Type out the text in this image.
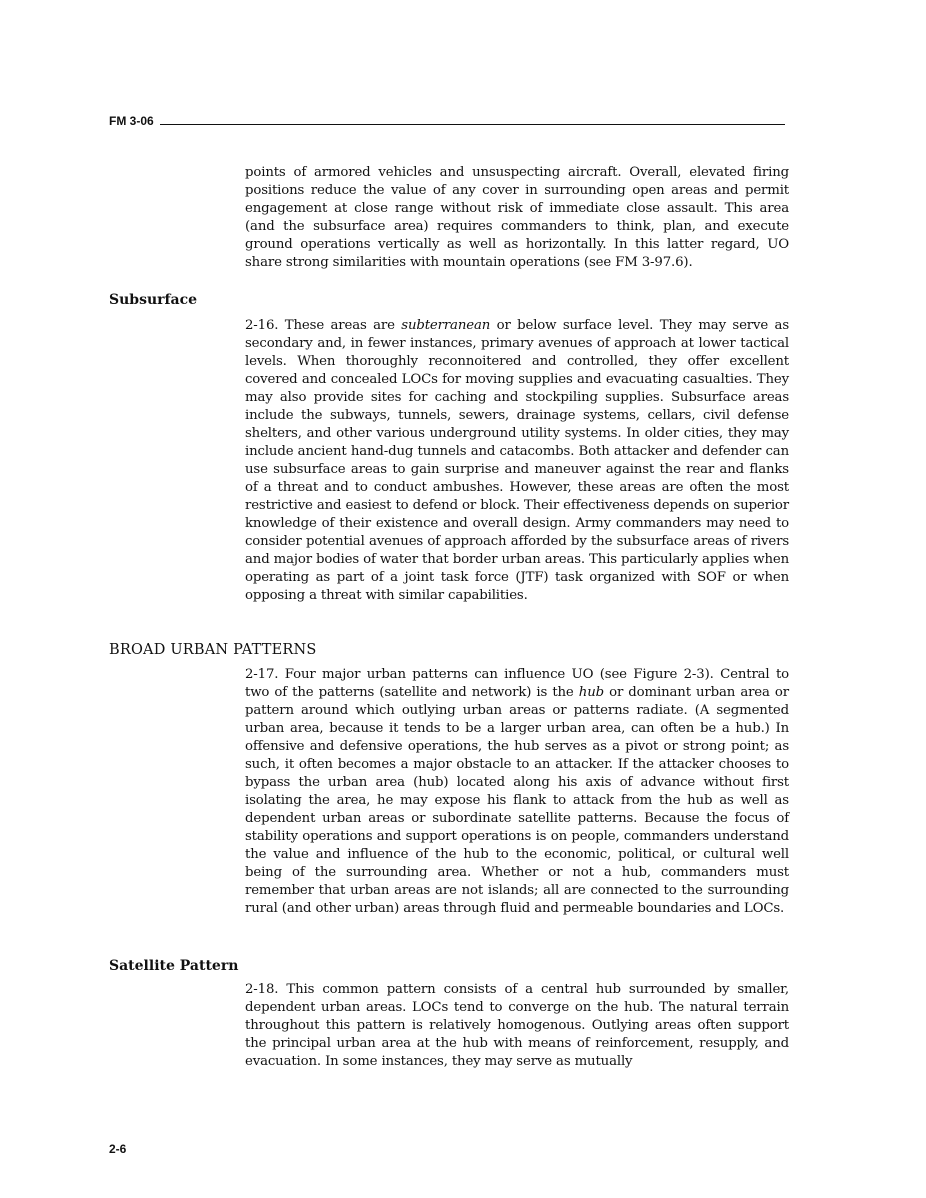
FM 3-06

points of armored vehicles and unsuspecting aircraft. Overall, elevated firing positions reduce the value of any cover in surrounding open areas and permit engagement at close range without risk of immediate close assault. This area (and the subsurface area) requires commanders to think, plan, and execute ground operations vertically as well as horizontally. In this latter regard, UO share strong similarities with mountain operations (see FM 3-97.6).

Subsurface

2-16. These areas are subterranean or below surface level. They may serve as secondary and, in fewer instances, primary avenues of approach at lower tactical levels. When thoroughly reconnoitered and controlled, they offer excellent covered and concealed LOCs for moving supplies and evacuating casualties. They may also provide sites for caching and stockpiling supplies. Subsurface areas include the subways, tunnels, sewers, drainage systems, cellars, civil defense shelters, and other various underground utility systems. In older cities, they may include ancient hand-dug tunnels and catacombs. Both attacker and defender can use subsurface areas to gain surprise and maneuver against the rear and flanks of a threat and to conduct ambushes. However, these areas are often the most restrictive and easiest to defend or block. Their effectiveness depends on superior knowledge of their existence and overall design. Army commanders may need to consider potential avenues of approach afforded by the subsurface areas of rivers and major bodies of water that border urban areas. This particularly applies when operating as part of a joint task force (JTF) task organized with SOF or when opposing a threat with similar capabilities.

BROAD URBAN PATTERNS

2-17. Four major urban patterns can influence UO (see Figure 2-3). Central to two of the patterns (satellite and network) is the hub or dominant urban area or pattern around which outlying urban areas or patterns radiate. (A segmented urban area, because it tends to be a larger urban area, can often be a hub.) In offensive and defensive operations, the hub serves as a pivot or strong point; as such, it often becomes a major obstacle to an attacker. If the attacker chooses to bypass the urban area (hub) located along his axis of advance without first isolating the area, he may expose his flank to attack from the hub as well as dependent urban areas or subordinate satellite patterns. Because the focus of stability operations and support operations is on people, commanders understand the value and influence of the hub to the economic, political, or cultural well being of the surrounding area. Whether or not a hub, commanders must remember that urban areas are not islands; all are connected to the surrounding rural (and other urban) areas through fluid and permeable boundaries and LOCs.

Satellite Pattern

2-18. This common pattern consists of a central hub surrounded by smaller, dependent urban areas. LOCs tend to converge on the hub. The natural terrain throughout this pattern is relatively homogenous. Outlying areas often support the principal urban area at the hub with means of reinforcement, resupply, and evacuation. In some instances, they may serve as mutually

2-6
